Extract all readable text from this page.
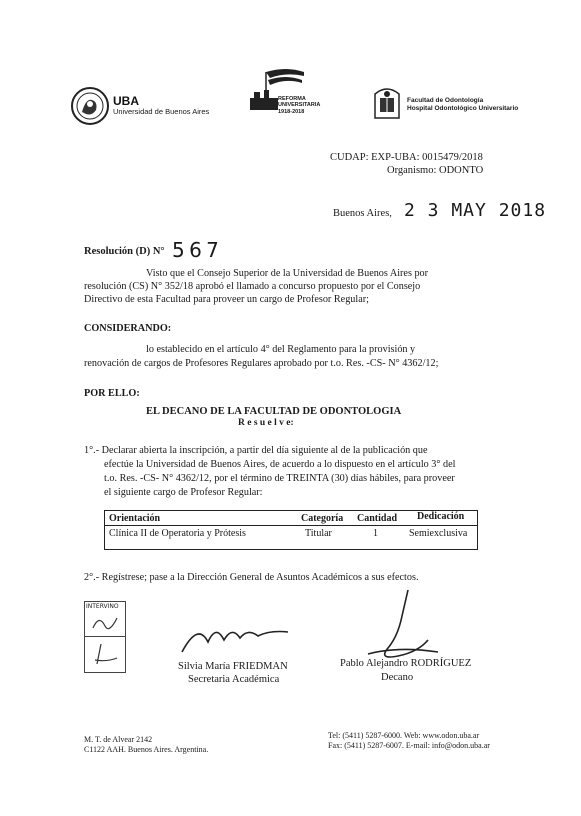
UBA
Universidad de Buenos Aires
REFORMA UNIVERSITARIA
1918-2018
Facultad de Odontología
Hospital Odontológico Universitario
CUDAP: EXP-UBA: 0015479/2018
Organismo: ODONTO
Buenos Aires, 2 3 MAY 2018
Resolución (D) N° 5 6 7
Visto que el Consejo Superior de la Universidad de Buenos Aires por
resolución (CS) N° 352/18 aprobó el llamado a concurso propuesto por el Consejo
Directivo de esta Facultad para proveer un cargo de Profesor Regular;
CONSIDERANDO:
lo establecido en el artículo 4° del Reglamento para la provisión y
renovación de cargos de Profesores Regulares aprobado por t.o. Res. -CS- N° 4362/12;
POR ELLO:
EL DECANO DE LA FACULTAD DE ODONTOLOGIA
R e s u e l v e:
1°.- Declarar abierta la inscripción, a partir del día siguiente al de la publicación que
efectúe la Universidad de Buenos Aires, de acuerdo a lo dispuesto en el artículo 3° del
t.o. Res. -CS- N° 4362/12, por el término de TREINTA (30) días hábiles, para proveer
el siguiente cargo de Profesor Regular:
Orientación	Categoría Cantidad Dedicación
Clínica II de Operatoria y Prótesis	Titular	1	Semiexclusiva
2°.- Regístrese; pase a la Dirección General de Asuntos Académicos a sus efectos.
INTERVINO
Silvia María FRIEDMAN
Secretaria Académica
Pablo Alejandro RODRÍGUEZ
Decano
M. T. de Alvear 2142
C1122 AAH. Buenos Aires. Argentina.
Tel: (5411) 5287-6000. Web: www.odon.uba.ar
Fax: (5411) 5287-6007. E-mail: info@odon.uba.ar
